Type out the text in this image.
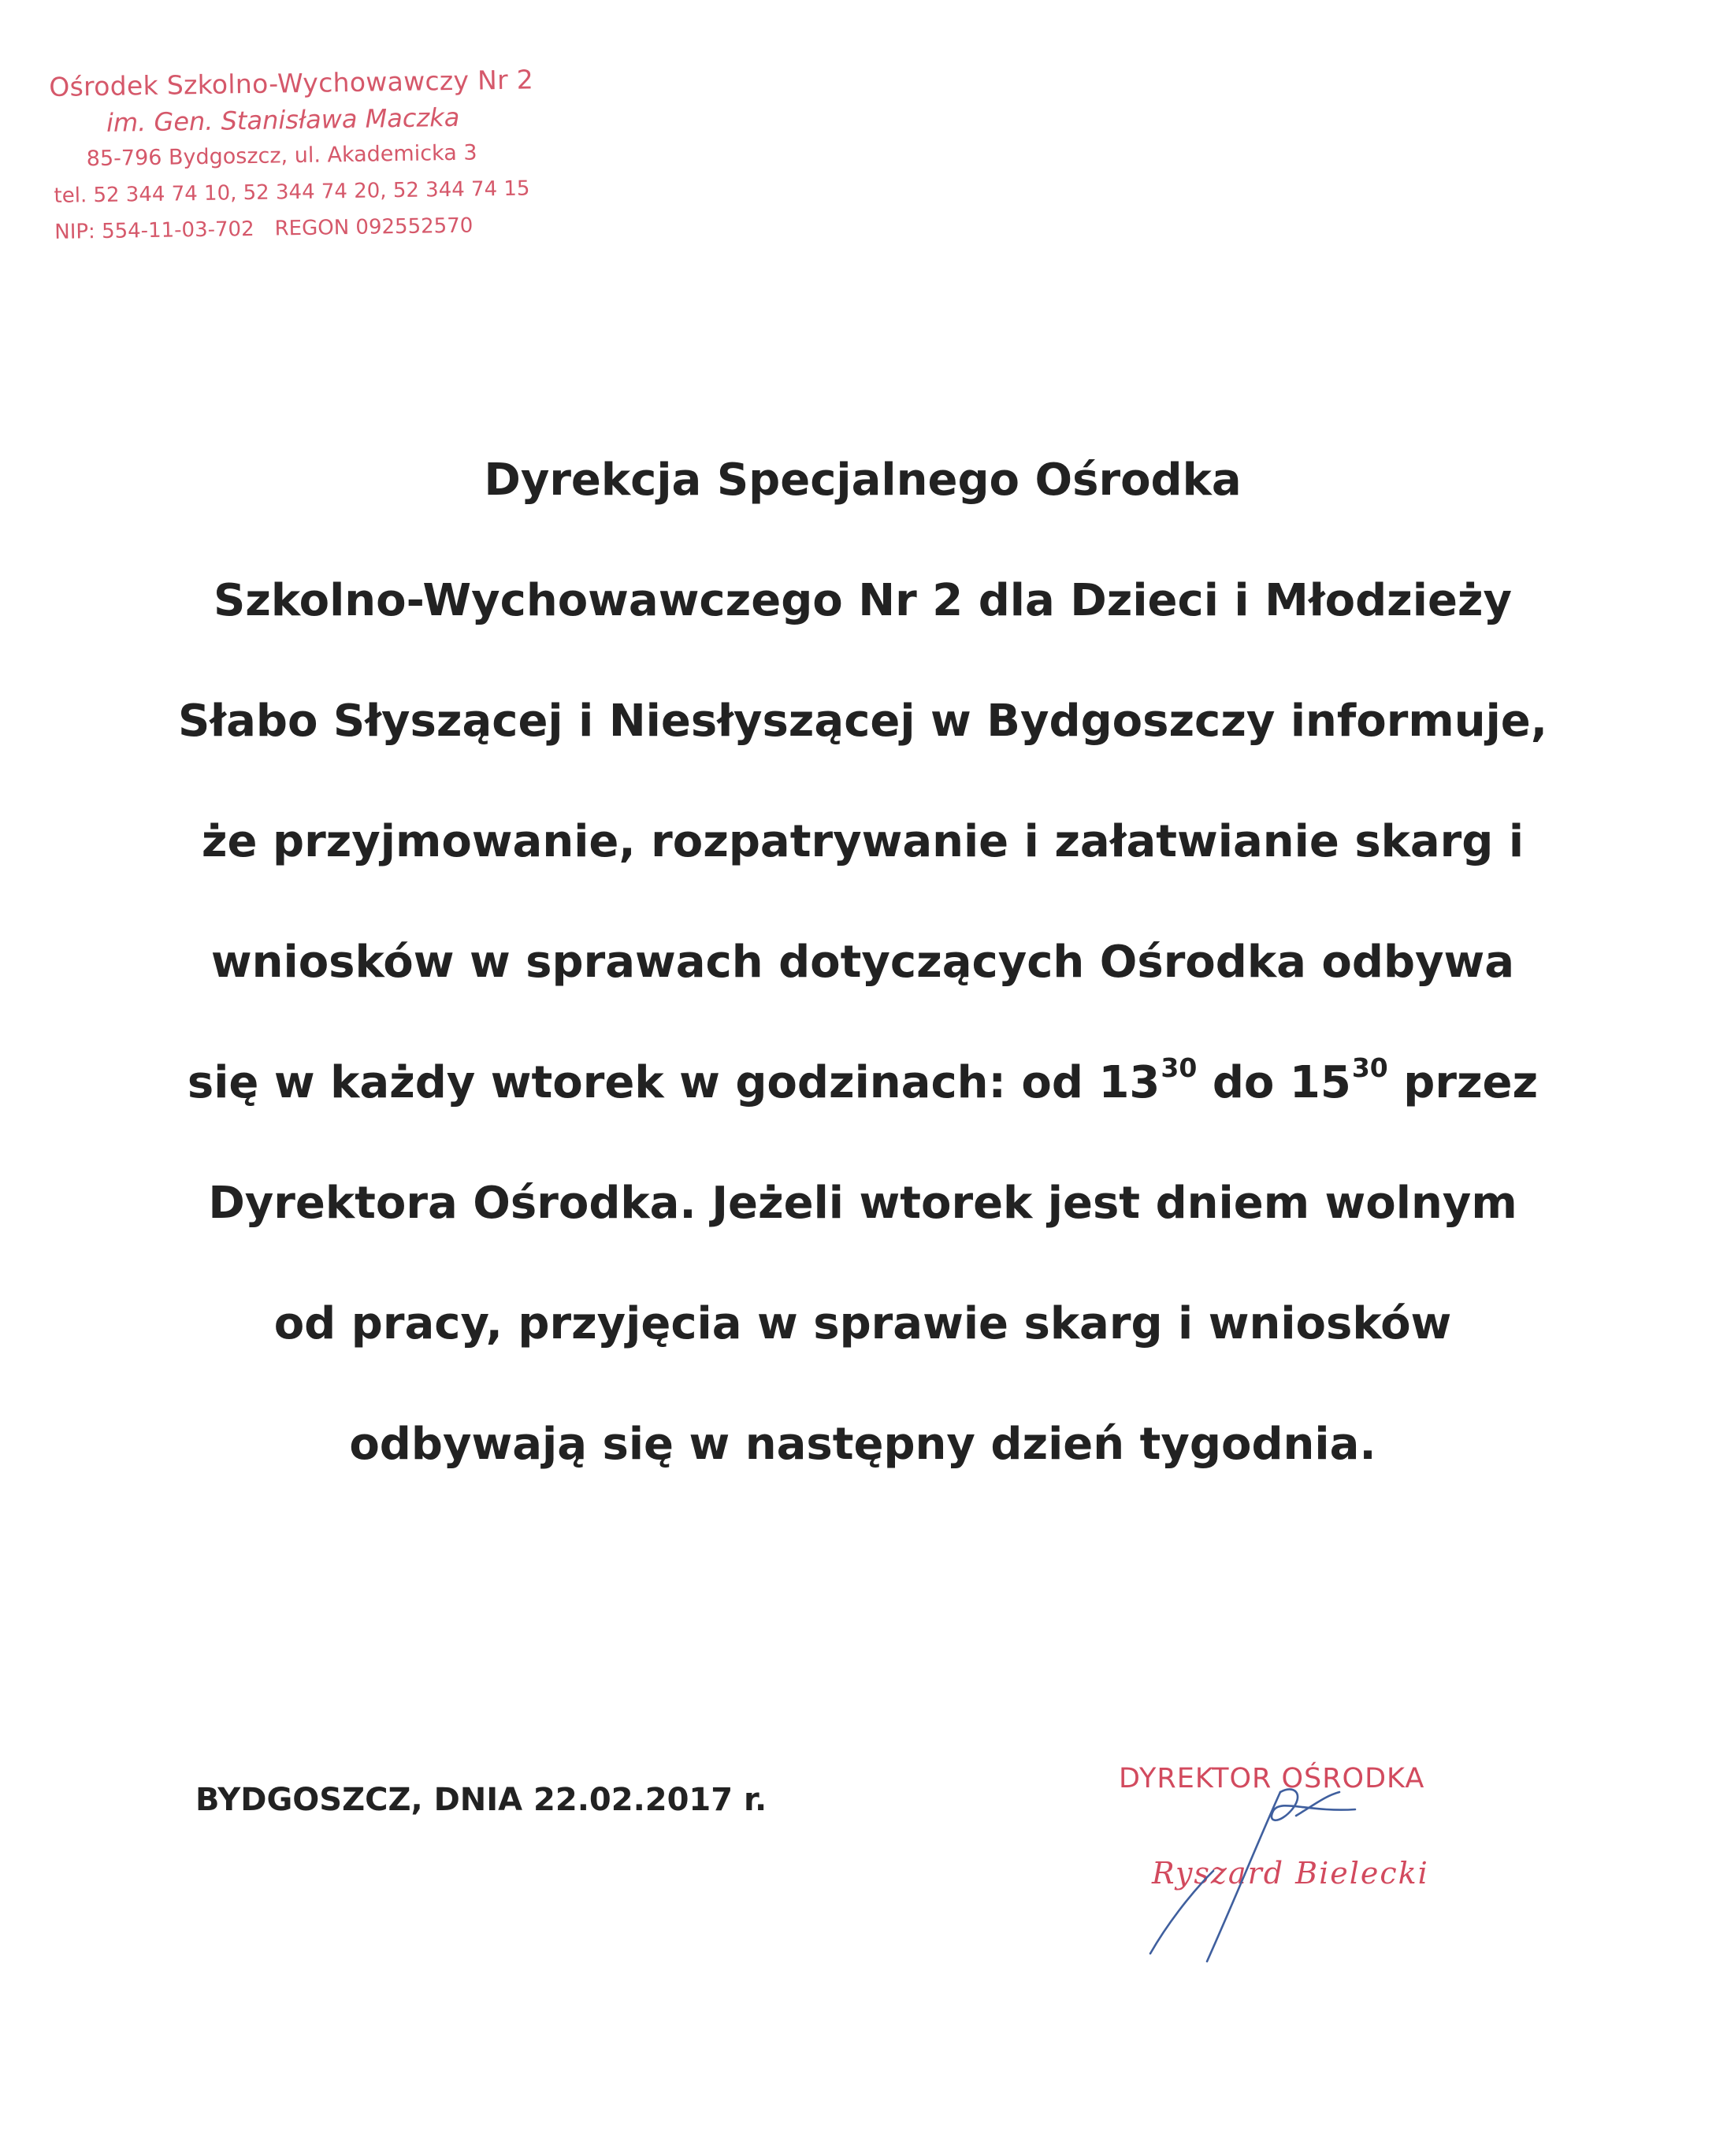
Ośrodek Szkolno-Wychowawczy Nr 2
im. Gen. Stanisława Maczka
85-796 Bydgoszcz, ul. Akademicka 3
tel. 52 344 74 10, 52 344 74 20, 52 344 74 15
NIP: 554-11-03-702 REGON 092552570
Dyrekcja Specjalnego Ośrodka
Szkolno-Wychowawczego Nr 2 dla Dzieci i Młodzieży
Słabo Słyszącej i Niesłyszącej w Bydgoszczy informuje,
że przyjmowanie, rozpatrywanie i załatwianie skarg i
wniosków w sprawach dotyczących Ośrodka odbywa
się w każdy wtorek w godzinach: od $13^{30}$ do $15^{30}$ przez
Dyrektora Ośrodka. Jeżeli wtorek jest dniem wolnym
od pracy, przyjęcia w sprawie skarg i wniosków
odbywają się w następny dzień tygodnia.
BYDGOSZCZ, DNIA 22.02.2017 r.
DYREKTOR OŚRODKA
Ryszard Bielecki
